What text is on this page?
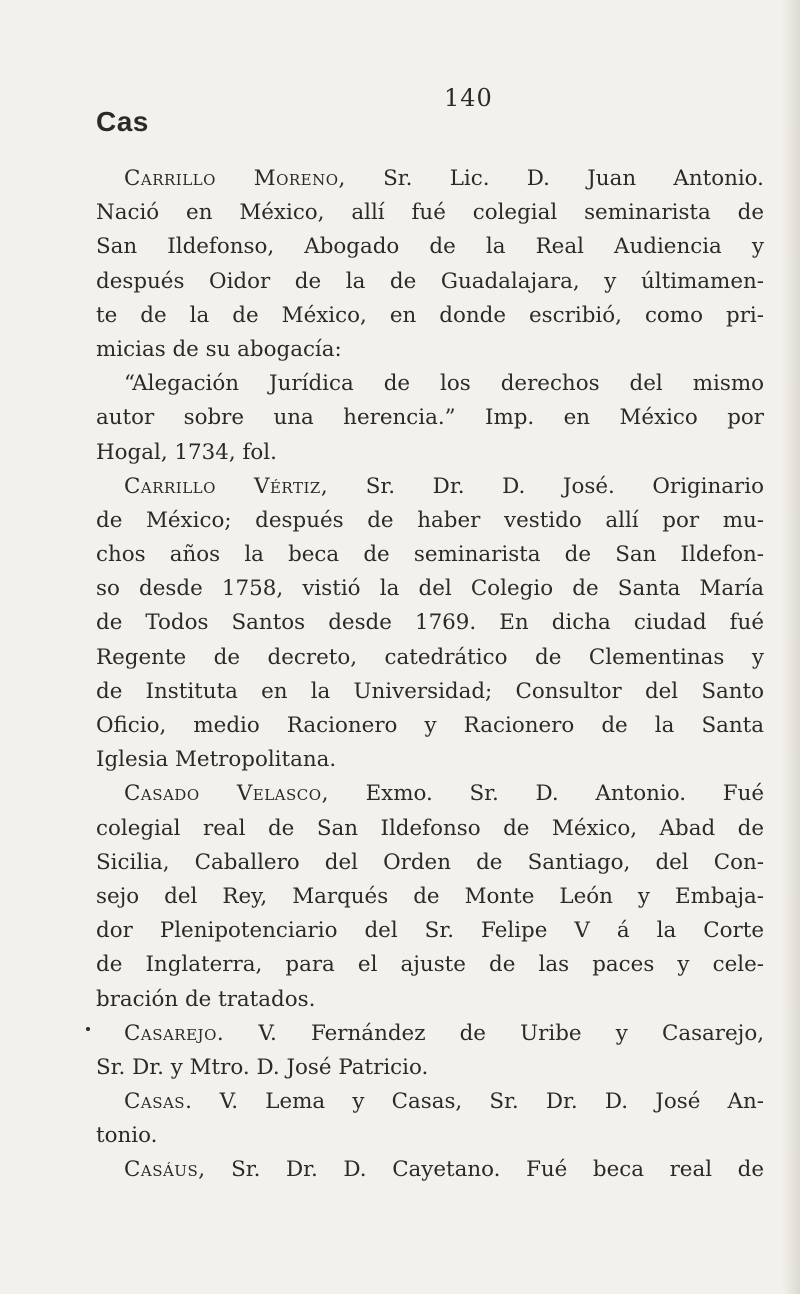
Cas
140
Carrillo Moreno, Sr. Lic. D. Juan Antonio.
Nació en México, allí fué colegial seminarista de
San Ildefonso, Abogado de la Real Audiencia y
después Oidor de la de Guadalajara, y últimamen-
te de la de México, en donde escribió, como pri-
micias de su abogacía:
“Alegación Jurídica de los derechos del mismo
autor sobre una herencia.” Imp. en México por
Hogal, 1734, fol.
Carrillo Vértiz, Sr. Dr. D. José. Originario
de México; después de haber vestido allí por mu-
chos años la beca de seminarista de San Ildefon-
so desde 1758, vistió la del Colegio de Santa María
de Todos Santos desde 1769. En dicha ciudad fué
Regente de decreto, catedrático de Clementinas y
de Instituta en la Universidad; Consultor del Santo
Oficio, medio Racionero y Racionero de la Santa
Iglesia Metropolitana.
Casado Velasco, Exmo. Sr. D. Antonio. Fué
colegial real de San Ildefonso de México, Abad de
Sicilia, Caballero del Orden de Santiago, del Con-
sejo del Rey, Marqués de Monte León y Embaja-
dor Plenipotenciario del Sr. Felipe V á la Corte
de Inglaterra, para el ajuste de las paces y cele-
bración de tratados.
Casarejo. V. Fernández de Uribe y Casarejo,
Sr. Dr. y Mtro. D. José Patricio.
Casas. V. Lema y Casas, Sr. Dr. D. José An-
tonio.
Casáus, Sr. Dr. D. Cayetano. Fué beca real de
